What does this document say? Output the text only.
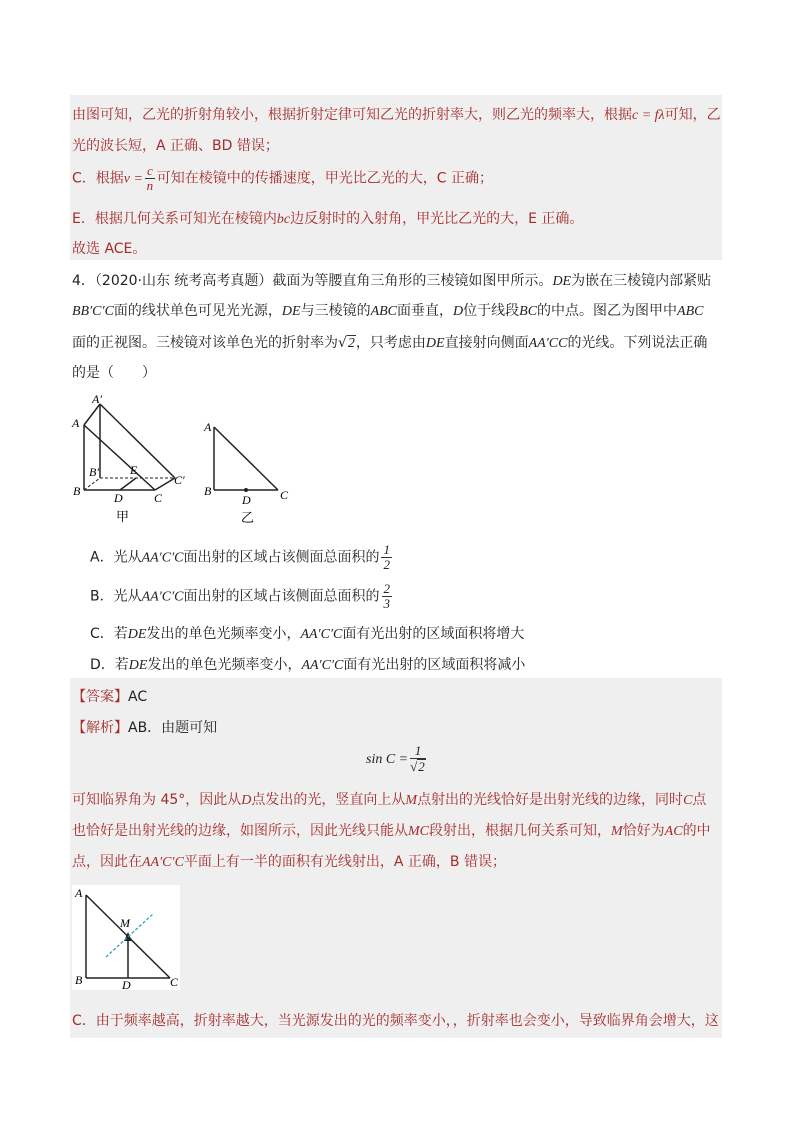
由图可知，乙光的折射角较小，根据折射定律可知乙光的折射率大，则乙光的频率大，根据c = fλ可知，乙
光的波长短，A 正确、BD 错误；
C．根据$v = \frac{c}{n}$ 可知在棱镜中的传播速度，甲光比乙光的大，C 正确；
E．根据几何关系可知光在棱镜内bc边反射时的入射角，甲光比乙光的大，E 正确。
故选 ACE。
4．（2020·山东 统考高考真题）截面为等腰直角三角形的三棱镜如图甲所示。DE为嵌在三棱镜内部紧贴
BB′C′C面的线状单色可见光光源，DE与三棱镜的ABC面垂直，D位于线段BC的中点。图乙为图甲中ABC
面的正视图。三棱镜对该单色光的折射率为√2，只考虑由DE直接射向侧面AA′CC的光线。下列说法正确
的是（　　）
A′
A
B′	E
C′
B	D	C
甲
A
B
D C
乙
A．光从AA′C′C面出射的区域占该侧面总面积的 $\frac{1}{2}$
B．光从AA′C′C面出射的区域占该侧面总面积的 $\frac{2}{3}$
C．若DE发出的单色光频率变小，AA′C′C面有光出射的区域面积将增大
D．若DE发出的单色光频率变小，AA′C′C面有光出射的区域面积将减小
【答案】AC
【解析】AB．由题可知
$\sin C = \frac{1}{√2}$
可知临界角为 45°，因此从D点发出的光，竖直向上从M点射出的光线恰好是出射光线的边缘，同时C点
也恰好是出射光线的边缘，如图所示，因此光线只能从MC段射出，根据几何关系可知，M恰好为AC的中
点，因此在AA′C′C平面上有一半的面积有光线射出，A 正确，B 错误；
A
M
B	D	C
C．由于频率越高，折射率越大，当光源发出的光的频率变小，，折射率也会变小，导致临界角会增大，这
